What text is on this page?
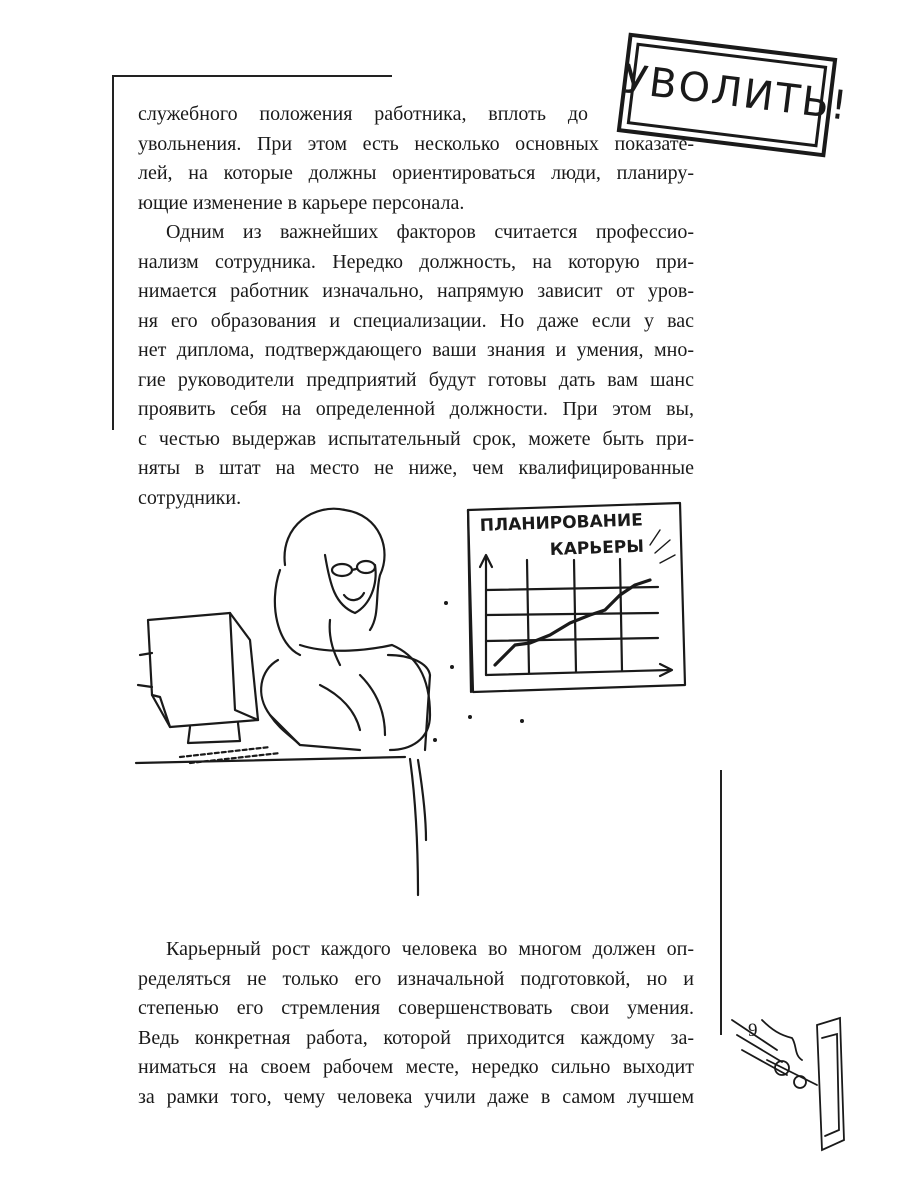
УВОЛИТЬ!
служебного положения работника, вплоть до
увольнения. При этом есть несколько основных показате-
лей, на которые должны ориентироваться люди, планиру-
ющие изменение в карьере персонала.
Одним из важнейших факторов считается профессио-
нализм сотрудника. Нередко должность, на которую при-
нимается работник изначально, напрямую зависит от уров-
ня его образования и специализации. Но даже если у вас
нет диплома, подтверждающего ваши знания и умения, мно-
гие руководители предприятий будут готовы дать вам шанс
проявить себя на определенной должности. При этом вы,
с честью выдержав испытательный срок, можете быть при-
няты в штат на место не ниже, чем квалифицированные
сотрудники.
ПЛАНИРОВАНИЕ
КАРЬЕРЫ
Карьерный рост каждого человека во многом должен оп-
ределяться не только его изначальной подготовкой, но и
степенью его стремления совершенствовать свои умения.
Ведь конкретная работа, которой приходится каждому за-
ниматься на своем рабочем месте, нередко сильно выходит
за рамки того, чему человека учили даже в самом лучшем
9
